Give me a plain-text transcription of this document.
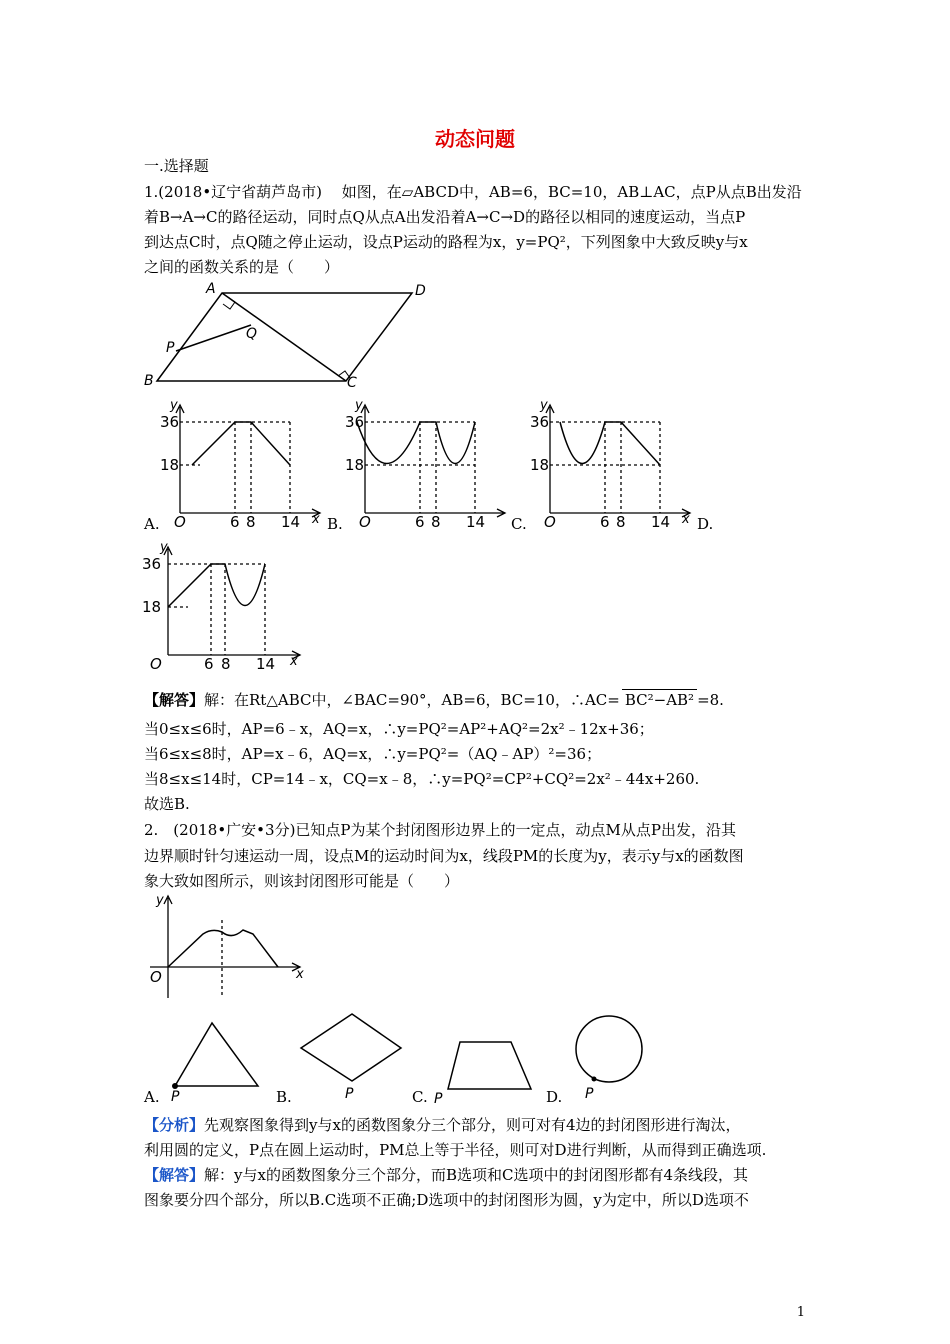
动态问题
一.选择题
1.(2018•辽宁省葫芦岛市)　 如图，在▱ABCD中，AB=6，BC=10，AB⊥AC，点P从点B出发沿
着B→A→C的路径运动，同时点Q从点A出发沿着A→C→D的路径以相同的速度运动，当点P
到达点C时，点Q随之停止运动，设点P运动的路程为x，y=PQ²，下列图象中大致反映y与x
之间的函数关系的是（　　）
A	D
B	C
P
Q
y
36
18
O	6 8 14 x
A.
y
36
18
O	6 8 14
B.
y
36
18
O	6 8 14 x
C.	D.
y
36
18
O	6 8 14 x
【解答】解：在Rt△ABC中，∠BAC=90°，AB=6，BC=10，∴AC= BC²−AB² =8.
当0≤x≤6时，AP=6﹣x，AQ=x，∴y=PQ²=AP²+AQ²=2x²﹣12x+36；
当6≤x≤8时，AP=x﹣6，AQ=x，∴y=PQ²=（AQ﹣AP）²=36；
当8≤x≤14时，CP=14﹣x，CQ=x﹣8，∴y=PQ²=CP²+CQ²=2x²﹣44x+260.
故选B.
2.　(2018•广安•3分)已知点P为某个封闭图形边界上的一定点，动点M从点P出发，沿其
边界顺时针匀速运动一周，设点M的运动时间为x，线段PM的长度为y，表示y与x的函数图
象大致如图所示，则该封闭图形可能是（　　）
y
O	x
P
A.	P
B.	P
C.	P
D.
【分析】先观察图象得到y与x的函数图象分三个部分，则可对有4边的封闭图形进行淘汰，
利用圆的定义，P点在圆上运动时，PM总上等于半径，则可对D进行判断，从而得到正确选项.
【解答】解：y与x的函数图象分三个部分，而B选项和C选项中的封闭图形都有4条线段，其
图象要分四个部分，所以B.C选项不正确;D选项中的封闭图形为圆，y为定中，所以D选项不
1
